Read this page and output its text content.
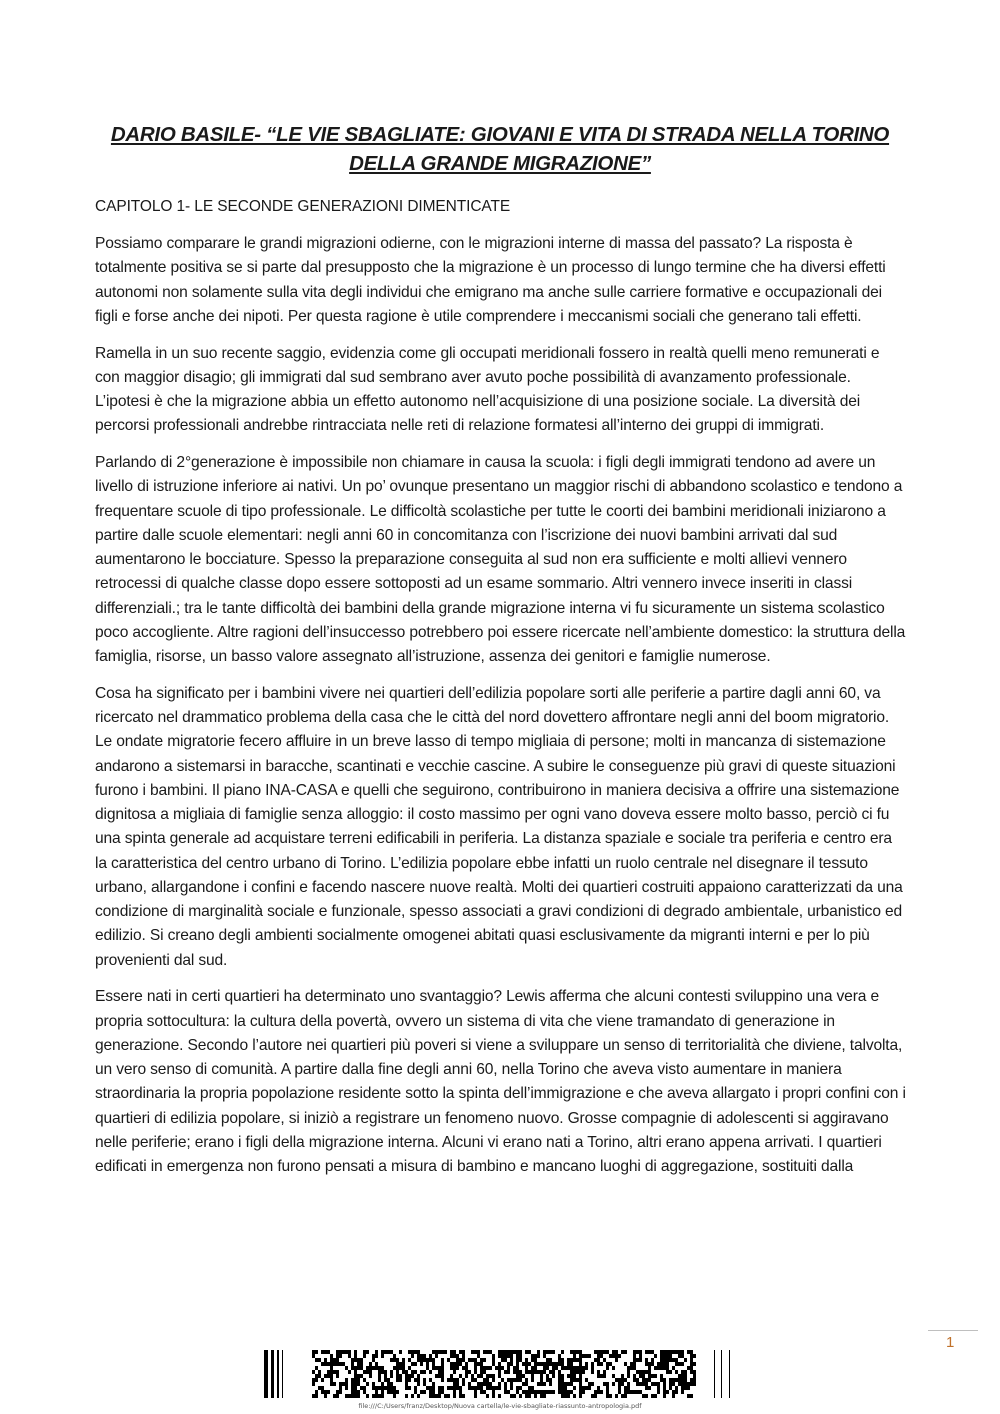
DARIO BASILE- “LE VIE SBAGLIATE: GIOVANI E VITA DI STRADA NELLA TORINO
DELLA GRANDE MIGRAZIONE”
CAPITOLO 1- LE SECONDE GENERAZIONI DIMENTICATE

Possiamo comparare le grandi migrazioni odierne, con le migrazioni interne di massa del passato? La risposta è totalmente positiva se si parte dal presupposto che la migrazione è un processo di lungo termine che ha diversi effetti autonomi non solamente sulla vita degli individui che emigrano ma anche sulle carriere formative e occupazionali dei figli e forse anche dei nipoti. Per questa ragione è utile comprendere i meccanismi sociali che generano tali effetti.

Ramella in un suo recente saggio, evidenzia come gli occupati meridionali fossero in realtà quelli meno remunerati e con maggior disagio; gli immigrati dal sud sembrano aver avuto poche possibilità di avanzamento professionale. L’ipotesi è che la migrazione abbia un effetto autonomo nell’acquisizione di una posizione sociale. La diversità dei percorsi professionali andrebbe rintracciata nelle reti di relazione formatesi all’interno dei gruppi di immigrati.

Parlando di 2°generazione è impossibile non chiamare in causa la scuola: i figli degli immigrati tendono ad avere un livello di istruzione inferiore ai nativi. Un po’ ovunque presentano un maggior rischi di abbandono scolastico e tendono a frequentare scuole di tipo professionale. Le difficoltà scolastiche per tutte le coorti dei bambini meridionali iniziarono a partire dalle scuole elementari: negli anni 60 in concomitanza con l’iscrizione dei nuovi bambini arrivati dal sud aumentarono le bocciature. Spesso la preparazione conseguita al sud non era sufficiente e molti allievi vennero retrocessi di qualche classe dopo essere sottoposti ad un esame sommario. Altri vennero invece inseriti in classi differenziali.; tra le tante difficoltà dei bambini della grande migrazione interna vi fu sicuramente un sistema scolastico poco accogliente. Altre ragioni dell’insuccesso potrebbero poi essere ricercate nell’ambiente domestico: la struttura della famiglia, risorse, un basso valore assegnato all’istruzione, assenza dei genitori e famiglie numerose.

Cosa ha significato per i bambini vivere nei quartieri dell’edilizia popolare sorti alle periferie a partire dagli anni 60, va ricercato nel drammatico problema della casa che le città del nord dovettero affrontare negli anni del boom migratorio. Le ondate migratorie fecero affluire in un breve lasso di tempo migliaia di persone; molti in mancanza di sistemazione andarono a sistemarsi in baracche, scantinati e vecchie cascine. A subire le conseguenze più gravi di queste situazioni furono i bambini. Il piano INA-CASA e quelli che seguirono, contribuirono in maniera decisiva a offrire una sistemazione dignitosa a migliaia di famiglie senza alloggio: il costo massimo per ogni vano doveva essere molto basso, perciò ci fu una spinta generale ad acquistare terreni edificabili in periferia. La distanza spaziale e sociale tra periferia e centro era la caratteristica del centro urbano di Torino. L’edilizia popolare ebbe infatti un ruolo centrale nel disegnare il tessuto urbano, allargandone i confini e facendo nascere nuove realtà. Molti dei quartieri costruiti appaiono caratterizzati da una condizione di marginalità sociale e funzionale, spesso associati a gravi condizioni di degrado ambientale, urbanistico ed edilizio. Si creano degli ambienti socialmente omogenei abitati quasi esclusivamente da migranti interni e per lo più provenienti dal sud.

Essere nati in certi quartieri ha determinato uno svantaggio? Lewis afferma che alcuni contesti sviluppino una vera e propria sottocultura: la cultura della povertà, ovvero un sistema di vita che viene tramandato di generazione in generazione. Secondo l’autore nei quartieri più poveri si viene a sviluppare un senso di territorialità che diviene, talvolta, un vero senso di comunità. A partire dalla fine degli anni 60, nella Torino che aveva visto aumentare in maniera straordinaria la propria popolazione residente sotto la spinta dell’immigrazione e che aveva allargato i propri confini con i quartieri di edilizia popolare, si iniziò a registrare un fenomeno nuovo. Grosse compagnie di adolescenti si aggiravano nelle periferie; erano i figli della migrazione interna. Alcuni vi erano nati a Torino, altri erano appena arrivati. I quartieri edificati in emergenza non furono pensati a misura di bambino e mancano luoghi di aggregazione, sostituiti dalla

1
file:///C:/Users/franz/Desktop/Nuova cartella/le-vie-sbagliate-riassunto-antropologia.pdf
